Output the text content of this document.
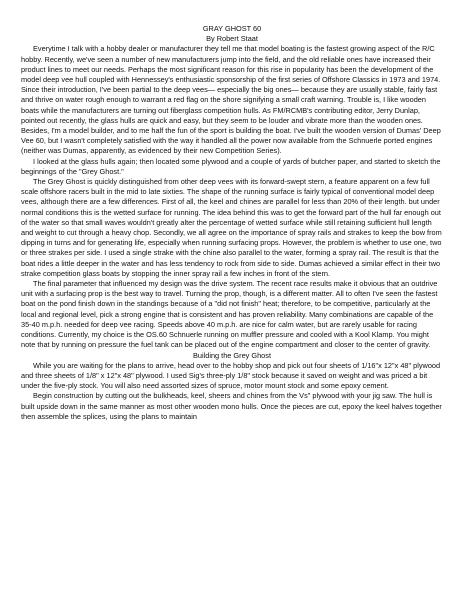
GRAY GHOST 60
By Robert Staat

Everytime I talk with a hobby dealer or manufacturer they tell me that model boating is the fastest growing aspect of the R/C hobby. Recently, we've seen a number of new manufacturers jump into the field, and the old reliable ones have increased their product lines to meet our needs. Perhaps the most significant reason for this rise in popularity has been the development of the model deep vee hull coupled with Hennessey's enthusiastic sponsorship of the first series of Offshore Classics in 1973 and 1974. Since their introduction, I've been partial to the deep vees— especially the big ones— because they are usually stable, fairly fast and thrive on water rough enough to warrant a red flag on the shore signifying a small craft warning. Trouble is, I like wooden boats while the manufacturers are turning out fiberglass competition hulls. As FM/RCMB's contributing editor, Jerry Dunlap, pointed out recently, the glass hulls are quick and easy, but they seem to be louder and vibrate more than the wooden ones. Besides, I'm a model builder, and to me half the fun of the sport is building the boat. I've built the wooden version of Dumas' Deep Vee 60, but I wasn't completely satisfied with the way it handled all the power now available from the Schnuerle ported engines (neither was Dumas, apparently, as evidenced by their new Competition Series).

I looked at the glass hulls again; then located some plywood and a couple of yards of butcher paper, and started to sketch the beginnings of the "Grey Ghost."

The Grey Ghost is quickly distinguished from other deep vees with its forward-swept stern, a feature apparent on a few full scale offshore racers built in the mid to late sixties. The shape of the running surface is fairly typical of conventional model deep vees, although there are a few differences. First of all, the keel and chines are parallel for less than 20% of their length. but under normal conditions this is the wetted surface for running. The idea behind this was to get the forward part of the hull far enough out of the water so that small waves wouldn't greatly alter the percentage of wetted surface while still retaining sufficient hull length and weight to cut through a heavy chop. Secondly, we all agree on the importance of spray rails and strakes to keep the bow from dipping in turns and for generating life, especially when running surfacing props. However, the problem is whether to use one, two or three strakes per side. I used a single strake with the chine also parallel to the water, forming a spray rail. The result is that the boat rides a little deeper in the water and has less tendency to rock from side to side. Dumas achieved a similar effect in their two strake competition glass boats by stopping the inner spray rail a few inches in front of the stern.

The final parameter that influenced my design was the drive system. The recent race results make it obvious that an outdrive unit with a surfacing prop is the best way to travel. Turning the prop, though, is a different matter. All to often I've seen the fastest boat on the pond finish down in the standings because of a "did not finish" heat; therefore, to be competitive, particularly at the local and regional level, pick a strong engine that is consistent and has proven reliability. Many combinations are capable of the 35-40 m.p.h. needed for deep vee racing. Speeds above 40 m.p.h. are nice for calm water, but are rarely usable for racing conditions. Currently, my choice is the OS.60 Schnuerle running on muffler pressure and cooled with a Kool Klamp. You might note that by running on pressure the fuel tank can be placed out of the engine compartment and closer to the center of gravity.

Building the Grey Ghost

While you are waiting for the plans to arrive, head over to the hobby shop and pick out four sheets of 1/16"x 12"x 48" plywood and three sheets of 1/8" x 12"x 48" plywood. I used Sig's three-ply 1/8" stock because it saved on weight and was priced a bit under the five-ply stock. You will also need assorted sizes of spruce, motor mount stock and some epoxy cement.

Begin construction by cutting out the bulkheads, keel, sheers and chines from the Vs" plywood with your jig saw. The hull is built upside down in the same manner as most other wooden mono hulls. Once the pieces are cut, epoxy the keel halves together then assemble the splices, using the plans to maintain
